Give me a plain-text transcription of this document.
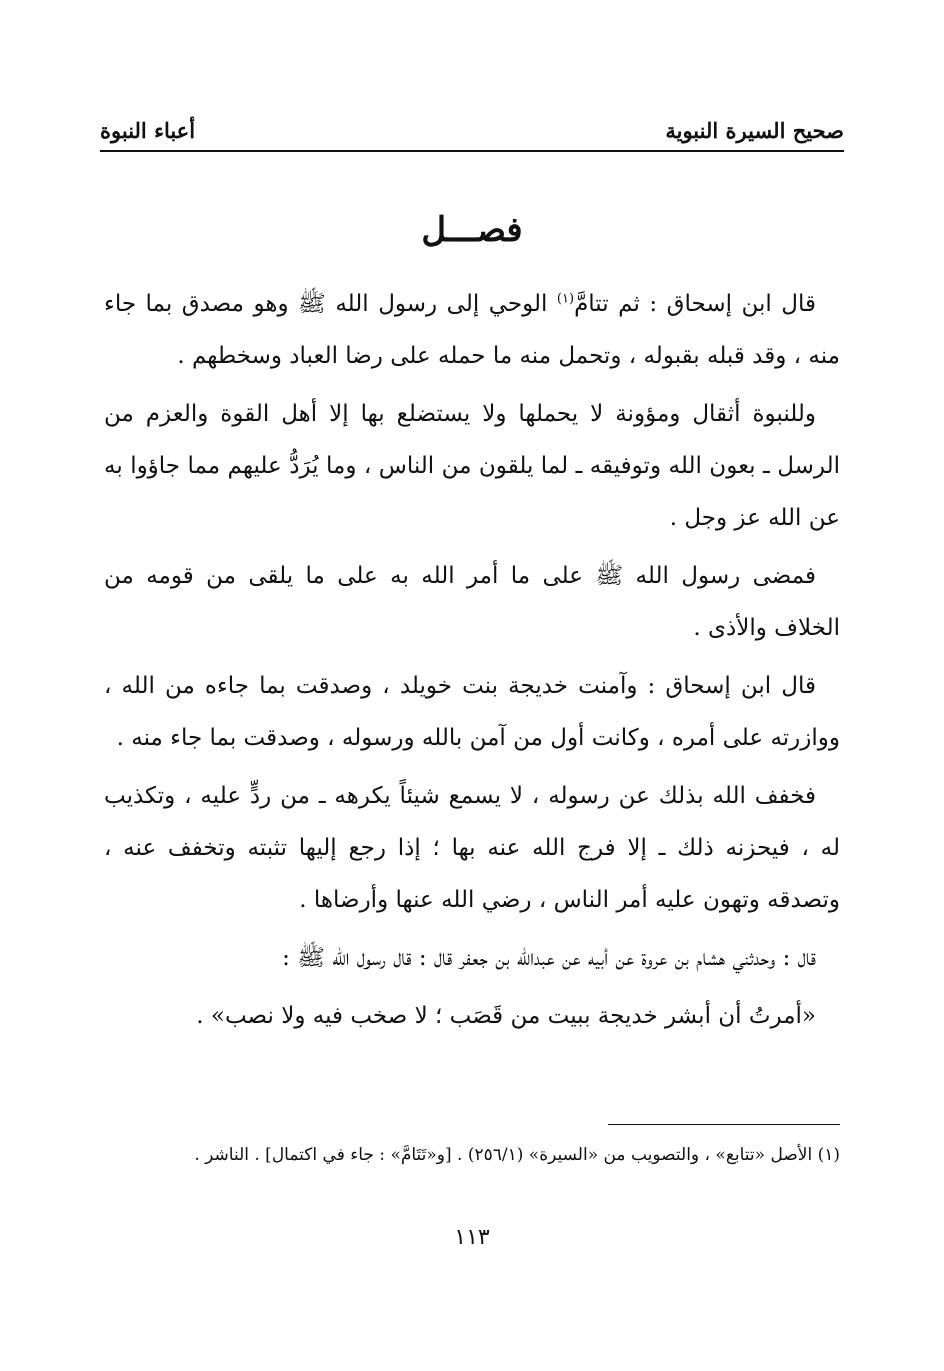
صحيح السيرة النبوية
أعباء النبوة
فصـــل

قال ابن إسحاق : ثم تتامَّ$^{(١)}$ الوحي إلى رسول الله ﷺ وهو مصدق بما جاء منه ، وقد قبله بقبوله ، وتحمل منه ما حمله على رضا العباد وسخطهم .

وللنبوة أثقال ومؤونة لا يحملها ولا يستضلع بها إلا أهل القوة والعزم من الرسل ـ بعون الله وتوفيقه ـ لما يلقون من الناس ، وما يُرَدُّ عليهم مما جاؤوا به عن الله عز وجل .

فمضى رسول الله ﷺ على ما أمر الله به على ما يلقى من قومه من الخلاف والأذى .

قال ابن إسحاق : وآمنت خديجة بنت خويلد ، وصدقت بما جاءه من الله ، ووازرته على أمره ، وكانت أول من آمن بالله ورسوله ، وصدقت بما جاء منه .

فخفف الله بذلك عن رسوله ، لا يسمع شيئاً يكرهه ـ من ردٍّ عليه ، وتكذيب له ، فيحزنه ذلك ـ إلا فرج الله عنه بها ؛ إذا رجع إليها تثبته وتخفف عنه ، وتصدقه وتهون عليه أمر الناس ، رضي الله عنها وأرضاها .

قال : وحدثني هشام بن عروة عن أبيه عن عبدالله بن جعفر قال : قال رسول الله ﷺ :

«أمرتُ أن أبشر خديجة ببيت من قَصَب ؛ لا صخب فيه ولا نصب» .

(١) الأصل «تتابع» ، والتصويب من «السيرة» (٢٥٦/١) . [و«تَتَامَّ» : جاء في اكتمال] . الناشر .
١١٣
